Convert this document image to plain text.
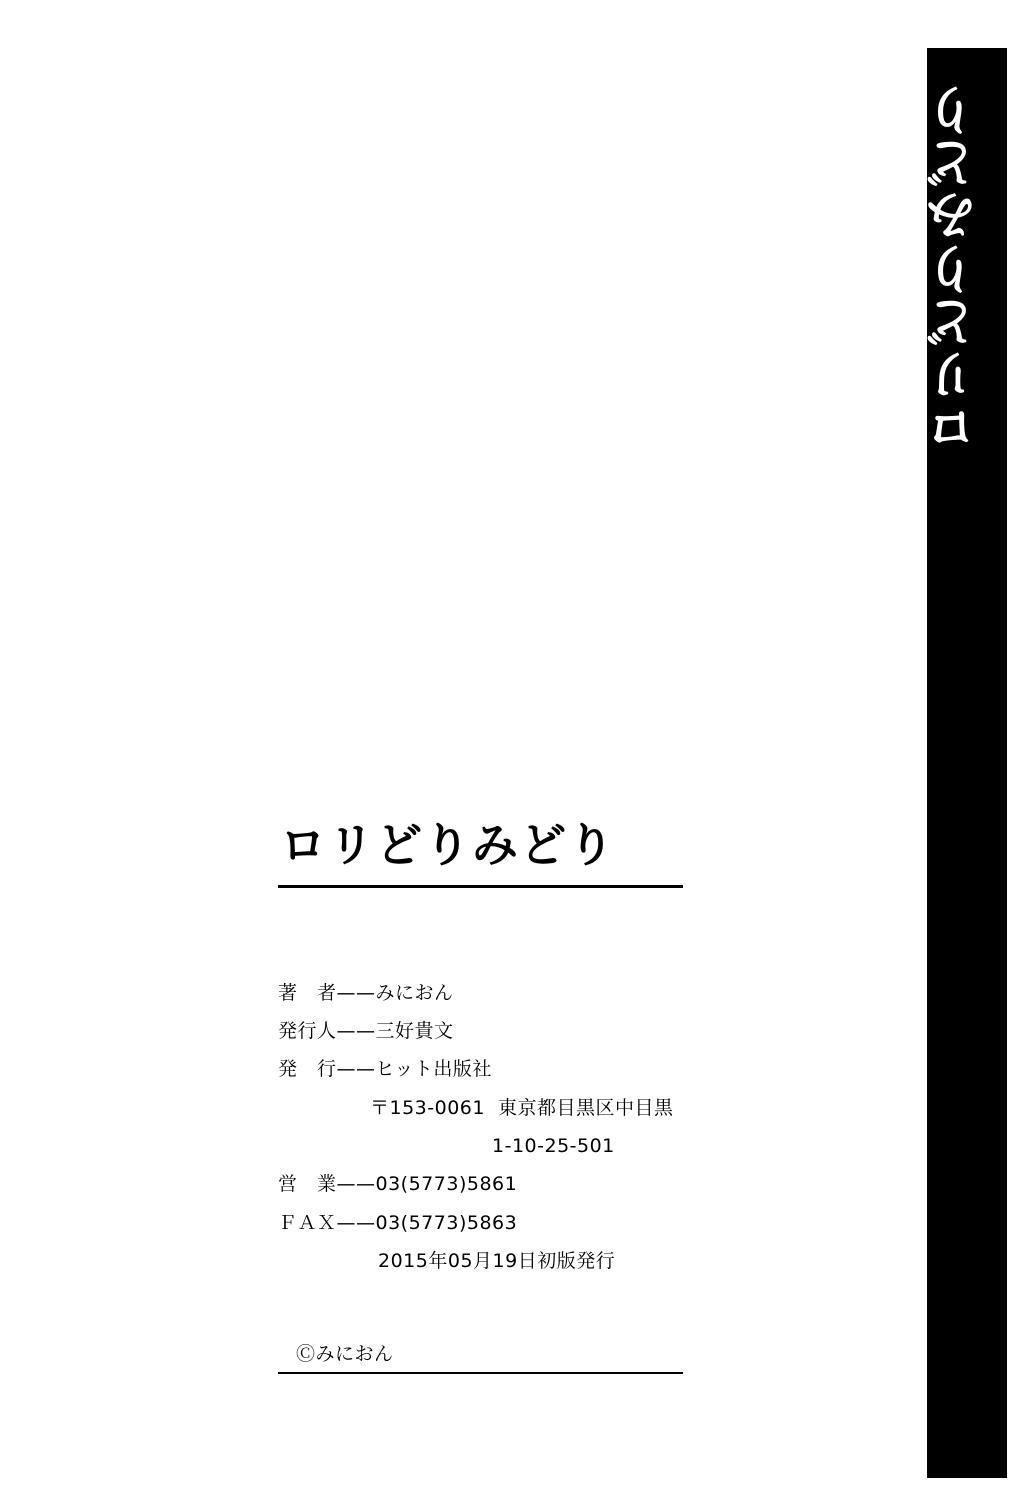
ロリどりみどり
ロリどりみどり
著　者——みにおん
発行人——三好貴文
発　行——ヒット出版社
〒153-0061  東京都目黒区中目黒
1-10-25-501
営　業——03(5773)5861
ＦＡＸ——03(5773)5863
2015年05月19日初版発行
Ⓒみにおん
